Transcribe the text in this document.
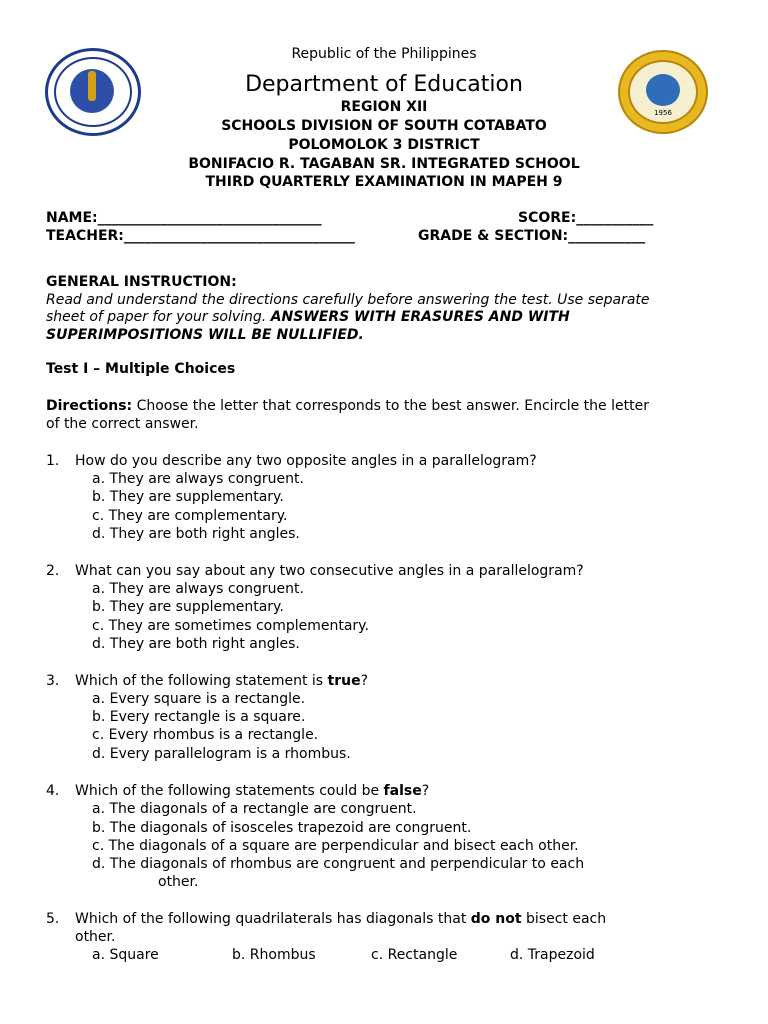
1956
Republic of the Philippines
Department of Education
REGION XII
SCHOOLS DIVISION OF SOUTH COTABATO
POLOMOLOK 3 DISTRICT
BONIFACIO R. TAGABAN SR. INTEGRATED SCHOOL
THIRD QUARTERLY EXAMINATION IN MAPEH 9
NAME:________________________________	SCORE:___________
TEACHER:_________________________________	GRADE & SECTION:___________
GENERAL INSTRUCTION:
Read and understand the directions carefully before answering the test. Use separate
sheet of paper for your solving. ANSWERS WITH ERASURES AND WITH
SUPERIMPOSITIONS WILL BE NULLIFIED.
Test I – Multiple Choices
Directions: Choose the letter that corresponds to the best answer. Encircle the letter
of the correct answer.
1. How do you describe any two opposite angles in a parallelogram?
a. They are always congruent.
b. They are supplementary.
c. They are complementary.
d. They are both right angles.
2. What can you say about any two consecutive angles in a parallelogram?
a. They are always congruent.
b. They are supplementary.
c. They are sometimes complementary.
d. They are both right angles.
3. Which of the following statement is true?
a. Every square is a rectangle.
b. Every rectangle is a square.
c. Every rhombus is a rectangle.
d. Every parallelogram is a rhombus.
4. Which of the following statements could be false?
a. The diagonals of a rectangle are congruent.
b. The diagonals of isosceles trapezoid are congruent.
c. The diagonals of a square are perpendicular and bisect each other.
d. The diagonals of rhombus are congruent and perpendicular to each
other.
5. Which of the following quadrilaterals has diagonals that do not bisect each
other.
a. Square	b. Rhombus	c. Rectangle	d. Trapezoid
